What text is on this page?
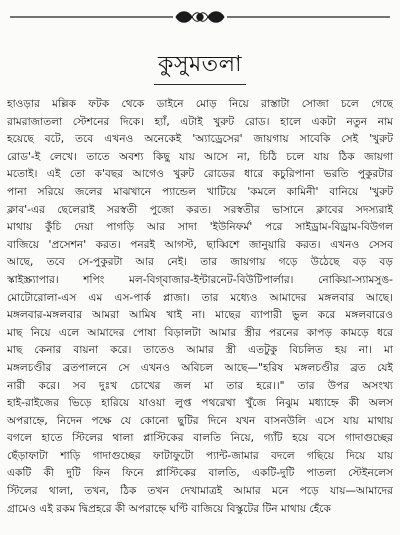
কুসুমতলা
হাওড়ার মল্লিক ফটক থেকে ডাইনে মোড় নিয়ে রাস্তাটা সোজা চলে গেছে
রামরাজাতলা স্টেশনের দিকে। হ্যাঁ, এটাই খুরুট রোড। হালে একটা নতুন নাম
হয়েছে বটে, তবে এখনও অনেকেই 'অ্যাড্রেসের' জায়গায় সাবেকি সেই 'খুরুট
রোড'-ই লেখে। তাতে অবশ্য কিছু যায় আসে না, চিঠি চলে যায় ঠিক জায়গা
মতোই। এই তো ক'বছর আগেও খুরুট রোডের ধারে কচুরিপানা ভরতি পুকুরটার
পানা সরিয়ে জলের মাঝখানে প্যান্ডেল খাটিয়ে 'কমলে কামিনী' বানিয়ে 'খুরুট
ক্লাব'-এর ছেলেরাই সরস্বতী পুজো করত। সরস্বতীর ভাসানে ক্লাবের সদস্যরাই
মাথায় কুঁচি দেয়া পাগড়ি আর সাদা 'ইউনিফর্ম' পরে সাইড্রাম-বিড্রাম-বিউগল
বাজিয়ে 'প্রসেশন' করত। পনরই আগস্ট, ছাব্বিশে জানুয়ারি করত। এখনও সেসব
আছে, তবে সে-পুকুরটা আর নেই। তার জায়গায় গড়ে উঠেছে বড় বড়
স্কাইস্ক্র্যাপার। শপিং মল-বিগ্‌বাজার-ইন্টারনেট-বিউটিপার্লার। নোকিয়া-স্যামসুঙ-
মোটোরোলা-এস এম এস-পার্ক প্লাজা। তার মধ্যেও আমাদের মঙ্গলবার আছে।
মঙ্গলবার-মঙ্গলবার আমরা আমিষ খাই না। মাছের ব্যাপারী ভুল করে মঙ্গলবারেও
মাছ নিয়ে এলে আমাদের পোষা বিড়ালটা আমার স্ত্রীর পরনের কাপড় কামড়ে ধরে
মাছ কেনার বায়না করে। তাতেও আমার স্ত্রী এতটুকু বিচলিত হয় না। মা
মঙ্গলচণ্ডীর ব্রতপালনে সে এখনও অবিচল আছে—"হরিষ মঙ্গলচণ্ডীর ব্রত যেই
নারী করে। সব দুঃখ চোখের জল মা তার হরে।।" তার উপর অসংখ্য
হাই-রাইজের ভিড়ে হারিয়ে যাওয়া লুপ্ত পথরেখা খুঁজে নিঝুম মধ্যাহ্নে কী অলস
অপরাহ্নে, নিদেন পক্ষে যে কোনো ছুটির দিনে যখন বাসনউলি এসে যায় মাথায়
বগলে হাতে স্টিলের থালা প্লাস্টিকের বালতি নিয়ে, গ্যাঁট হয়ে বসে গাদাগুচ্ছের
ছেঁড়াফাটা শাড়ি গাদাগুচ্ছের ফাটাফুটো প্যান্ট-জামার বদলে গছিয়ে দিয়ে যায়
একটি কী দুটি ফিন ফিনে প্লাস্টিকের বালতি, একটি-দুটি পাতলা স্টেইনলেস
স্টিলের থালা, তখন, ঠিক তখন দেখামাত্রই আমার মনে পড়ে যায়—আমাদের
গ্রামেও এই রকম দ্বিপ্রহরে কী অপরাহ্নে ঘণ্টি বাজিয়ে বিস্কুটের টিন মাথায় হেঁকে
